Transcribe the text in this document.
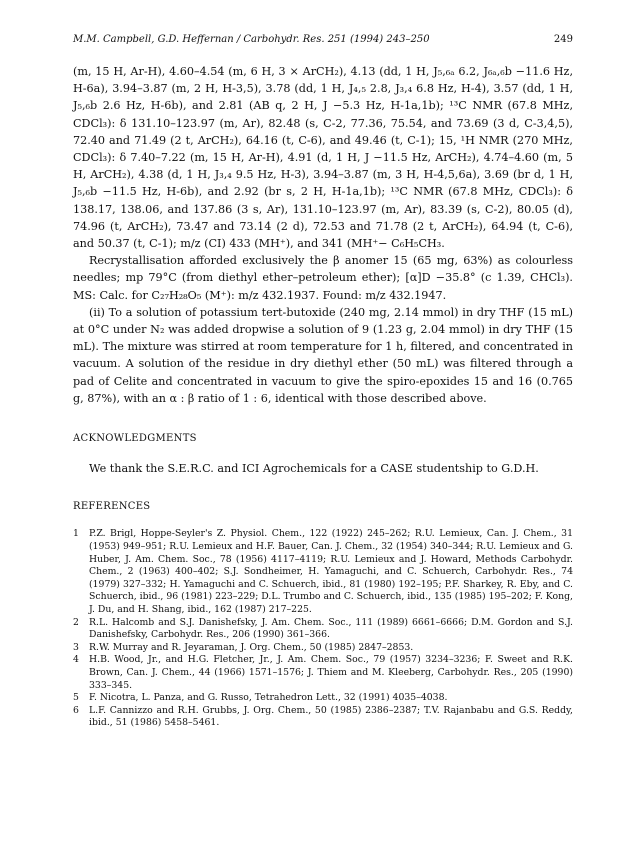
M.M. Campbell, G.D. Heffernan / Carbohydr. Res. 251 (1994) 243–250	249

(m, 15 H, Ar-H), 4.60–4.54 (m, 6 H, 3 × ArCH₂), 4.13 (dd, 1 H, J₅,₆ₐ 6.2, J₆ₐ,₆b −11.6 Hz, H-6a), 3.94–3.87 (m, 2 H, H-3,5), 3.78 (dd, 1 H, J₄,₅ 2.8, J₃,₄ 6.8 Hz, H-4), 3.57 (dd, 1 H, J₅,₆b 2.6 Hz, H-6b), and 2.81 (AB q, 2 H, J −5.3 Hz, H-1a,1b); ¹³C NMR (67.8 MHz, CDCl₃): δ 131.10–123.97 (m, Ar), 82.48 (s, C-2, 77.36, 75.54, and 73.69 (3 d, C-3,4,5), 72.40 and 71.49 (2 t, ArCH₂), 64.16 (t, C-6), and 49.46 (t, C-1); 15, ¹H NMR (270 MHz, CDCl₃): δ 7.40–7.22 (m, 15 H, Ar-H), 4.91 (d, 1 H, J −11.5 Hz, ArCH₂), 4.74–4.60 (m, 5 H, ArCH₂), 4.38 (d, 1 H, J₃,₄ 9.5 Hz, H-3), 3.94–3.87 (m, 3 H, H-4,5,6a), 3.69 (br d, 1 H, J₅,₆b −11.5 Hz, H-6b), and 2.92 (br s, 2 H, H-1a,1b); ¹³C NMR (67.8 MHz, CDCl₃): δ 138.17, 138.06, and 137.86 (3 s, Ar), 131.10–123.97 (m, Ar), 83.39 (s, C-2), 80.05 (d), 74.96 (t, ArCH₂), 73.47 and 73.14 (2 d), 72.53 and 71.78 (2 t, ArCH₂), 64.94 (t, C-6), and 50.37 (t, C-1); m/z (CI) 433 (MH⁺), and 341 (MH⁺− C₆H₅CH₃.

Recrystallisation afforded exclusively the β anomer 15 (65 mg, 63%) as colourless needles; mp 79°C (from diethyl ether–petroleum ether); [α]D −35.8° (c 1.39, CHCl₃). MS: Calc. for C₂₇H₂₈O₅ (M⁺): m/z 432.1937. Found: m/z 432.1947.

(ii) To a solution of potassium tert-butoxide (240 mg, 2.14 mmol) in dry THF (15 mL) at 0°C under N₂ was added dropwise a solution of 9 (1.23 g, 2.04 mmol) in dry THF (15 mL). The mixture was stirred at room temperature for 1 h, filtered, and concentrated in vacuum. A solution of the residue in dry diethyl ether (50 mL) was filtered through a pad of Celite and concentrated in vacuum to give the spiro-epoxides 15 and 16 (0.765 g, 87%), with an α : β ratio of 1 : 6, identical with those described above.

ACKNOWLEDGMENTS

We thank the S.E.R.C. and ICI Agrochemicals for a CASE studentship to G.D.H.

REFERENCES
1	P.Z. Brigl, Hoppe-Seyler's Z. Physiol. Chem., 122 (1922) 245–262; R.U. Lemieux, Can. J. Chem., 31 (1953) 949–951; R.U. Lemieux and H.F. Bauer, Can. J. Chem., 32 (1954) 340–344; R.U. Lemieux and G. Huber, J. Am. Chem. Soc., 78 (1956) 4117–4119; R.U. Lemieux and J. Howard, Methods Carbohydr. Chem., 2 (1963) 400–402; S.J. Sondheimer, H. Yamaguchi, and C. Schuerch, Carbohydr. Res., 74 (1979) 327–332; H. Yamaguchi and C. Schuerch, ibid., 81 (1980) 192–195; P.F. Sharkey, R. Eby, and C. Schuerch, ibid., 96 (1981) 223–229; D.L. Trumbo and C. Schuerch, ibid., 135 (1985) 195–202; F. Kong, J. Du, and H. Shang, ibid., 162 (1987) 217–225.
2	R.L. Halcomb and S.J. Danishefsky, J. Am. Chem. Soc., 111 (1989) 6661–6666; D.M. Gordon and S.J. Danishefsky, Carbohydr. Res., 206 (1990) 361–366.
3	R.W. Murray and R. Jeyaraman, J. Org. Chem., 50 (1985) 2847–2853.
4	H.B. Wood, Jr., and H.G. Fletcher, Jr., J. Am. Chem. Soc., 79 (1957) 3234–3236; F. Sweet and R.K. Brown, Can. J. Chem., 44 (1966) 1571–1576; J. Thiem and M. Kleeberg, Carbohydr. Res., 205 (1990) 333–345.
5	F. Nicotra, L. Panza, and G. Russo, Tetrahedron Lett., 32 (1991) 4035–4038.
6	L.F. Cannizzo and R.H. Grubbs, J. Org. Chem., 50 (1985) 2386–2387; T.V. Rajanbabu and G.S. Reddy, ibid., 51 (1986) 5458–5461.
